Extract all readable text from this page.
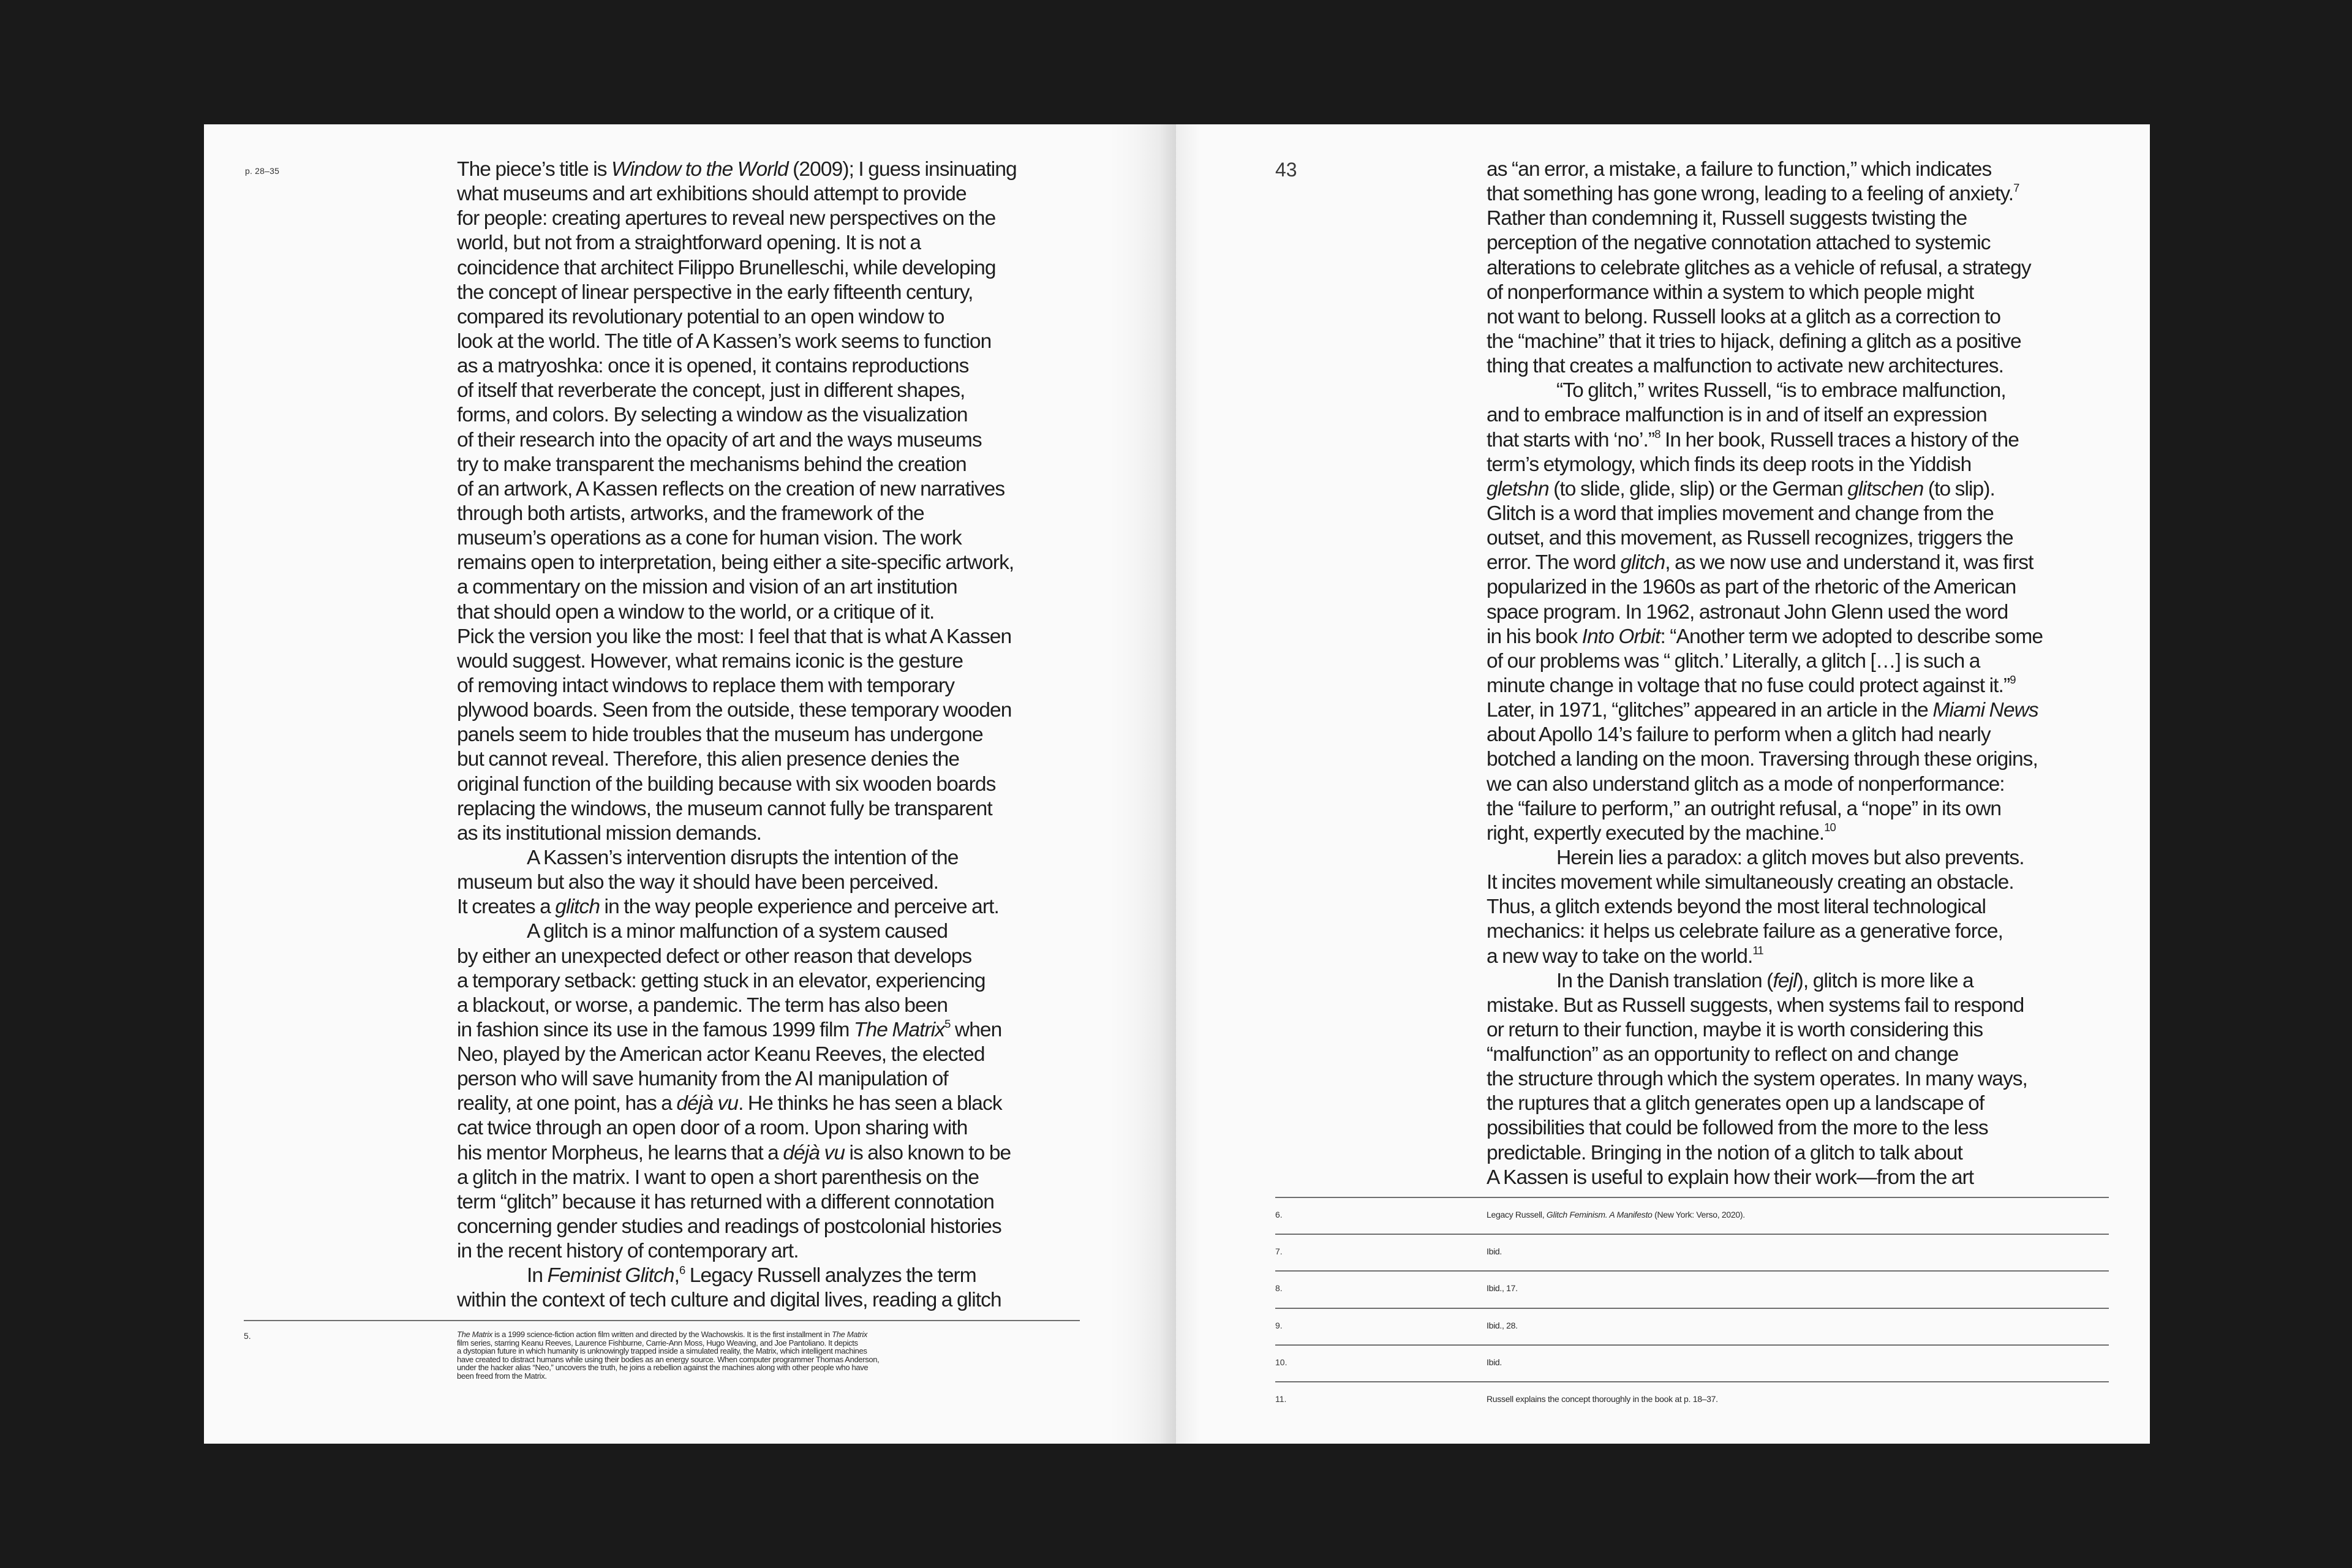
p. 28–35	The piece’s title is Window to the World (2009); I guess insinuating
what museums and art exhibitions should attempt to provide
for people: creating apertures to reveal new perspectives on the
world, but not from a straightforward opening. It is not a
coincidence that architect Filippo Brunelleschi, while developing
the concept of linear perspective in the early fifteenth century,
compared its revolutionary potential to an open window to
look at the world. The title of A Kassen’s work seems to function
as a matryoshka: once it is opened, it contains reproductions
of itself that reverberate the concept, just in different shapes,
forms, and colors. By selecting a window as the visualization
of their research into the opacity of art and the ways museums
try to make transparent the mechanisms behind the creation
of an artwork, A Kassen reflects on the creation of new narratives
through both artists, artworks, and the framework of the
museum’s operations as a cone for human vision. The work
remains open to interpretation, being either a site-specific artwork,
a commentary on the mission and vision of an art institution
that should open a window to the world, or a critique of it.
Pick the version you like the most: I feel that that is what A Kassen
would suggest. However, what remains iconic is the gesture
of removing intact windows to replace them with temporary
plywood boards. Seen from the outside, these temporary wooden
panels seem to hide troubles that the museum has undergone
but cannot reveal. Therefore, this alien presence denies the
original function of the building because with six wooden boards
replacing the windows, the museum cannot fully be transparent
as its institutional mission demands.
A Kassen’s intervention disrupts the intention of the
museum but also the way it should have been perceived.
It creates a glitch in the way people experience and perceive art.
A glitch is a minor malfunction of a system caused
by either an unexpected defect or other reason that develops
a temporary setback: getting stuck in an elevator, experiencing
a blackout, or worse, a pandemic. The term has also been
in fashion since its use in the famous 1999 film The Matrix$^5$ when
Neo, played by the American actor Keanu Reeves, the elected
person who will save humanity from the AI manipulation of
reality, at one point, has a déjà vu. He thinks he has seen a black
cat twice through an open door of a room. Upon sharing with
his mentor Morpheus, he learns that a déjà vu is also known to be
a glitch in the matrix. I want to open a short parenthesis on the
term “glitch” because it has returned with a different connotation
concerning gender studies and readings of postcolonial histories
in the recent history of contemporary art.
In Feminist Glitch,$^6$ Legacy Russell analyzes the term
within the context of tech culture and digital lives, reading a glitch
5.	The Matrix is a 1999 science-fiction action film written and directed by the Wachowskis. It is the first installment in The Matrix
film series, starring Keanu Reeves, Laurence Fishburne, Carrie-Ann Moss, Hugo Weaving, and Joe Pantoliano. It depicts
a dystopian future in which humanity is unknowingly trapped inside a simulated reality, the Matrix, which intelligent machines
have created to distract humans while using their bodies as an energy source. When computer programmer Thomas Anderson,
under the hacker alias “Neo,” uncovers the truth, he joins a rebellion against the machines along with other people who have
been freed from the Matrix.
43	as “an error, a mistake, a failure to function,” which indicates
that something has gone wrong, leading to a feeling of anxiety.$^7$
Rather than condemning it, Russell suggests twisting the
perception of the negative connotation attached to systemic
alterations to celebrate glitches as a vehicle of refusal, a strategy
of nonperformance within a system to which people might
not want to belong. Russell looks at a glitch as a correction to
the “machine” that it tries to hijack, defining a glitch as a positive
thing that creates a malfunction to activate new architectures.
“To glitch,” writes Russell, “is to embrace malfunction,
and to embrace malfunction is in and of itself an expression
that starts with ‘no’.”$^8$ In her book, Russell traces a history of the
term’s etymology, which finds its deep roots in the Yiddish
gletshn (to slide, glide, slip) or the German glitschen (to slip).
Glitch is a word that implies movement and change from the
outset, and this movement, as Russell recognizes, triggers the
error. The word glitch, as we now use and understand it, was first
popularized in the 1960s as part of the rhetoric of the American
space program. In 1962, astronaut John Glenn used the word
in his book Into Orbit: “Another term we adopted to describe some
of our problems was “ glitch.’ Literally, a glitch […] is such a
minute change in voltage that no fuse could protect against it.”$^9$
Later, in 1971, “glitches” appeared in an article in the Miami News
about Apollo 14’s failure to perform when a glitch had nearly
botched a landing on the moon. Traversing through these origins,
we can also understand glitch as a mode of nonperformance:
the “failure to perform,” an outright refusal, a “nope” in its own
right, expertly executed by the machine.$^{10}$
Herein lies a paradox: a glitch moves but also prevents.
It incites movement while simultaneously creating an obstacle.
Thus, a glitch extends beyond the most literal technological
mechanics: it helps us celebrate failure as a generative force,
a new way to take on the world.$^{11}$
In the Danish translation (fejl), glitch is more like a
mistake. But as Russell suggests, when systems fail to respond
or return to their function, maybe it is worth considering this
“malfunction” as an opportunity to reflect on and change
the structure through which the system operates. In many ways,
the ruptures that a glitch generates open up a landscape of
possibilities that could be followed from the more to the less
predictable. Bringing in the notion of a glitch to talk about
A Kassen is useful to explain how their work—from the art
6.	Legacy Russell, Glitch Feminism. A Manifesto (New York: Verso, 2020).
7.	Ibid.
8.	Ibid., 17.
9.	Ibid., 28.
10.	Ibid.
11.	Russell explains the concept thoroughly in the book at p. 18–37.
